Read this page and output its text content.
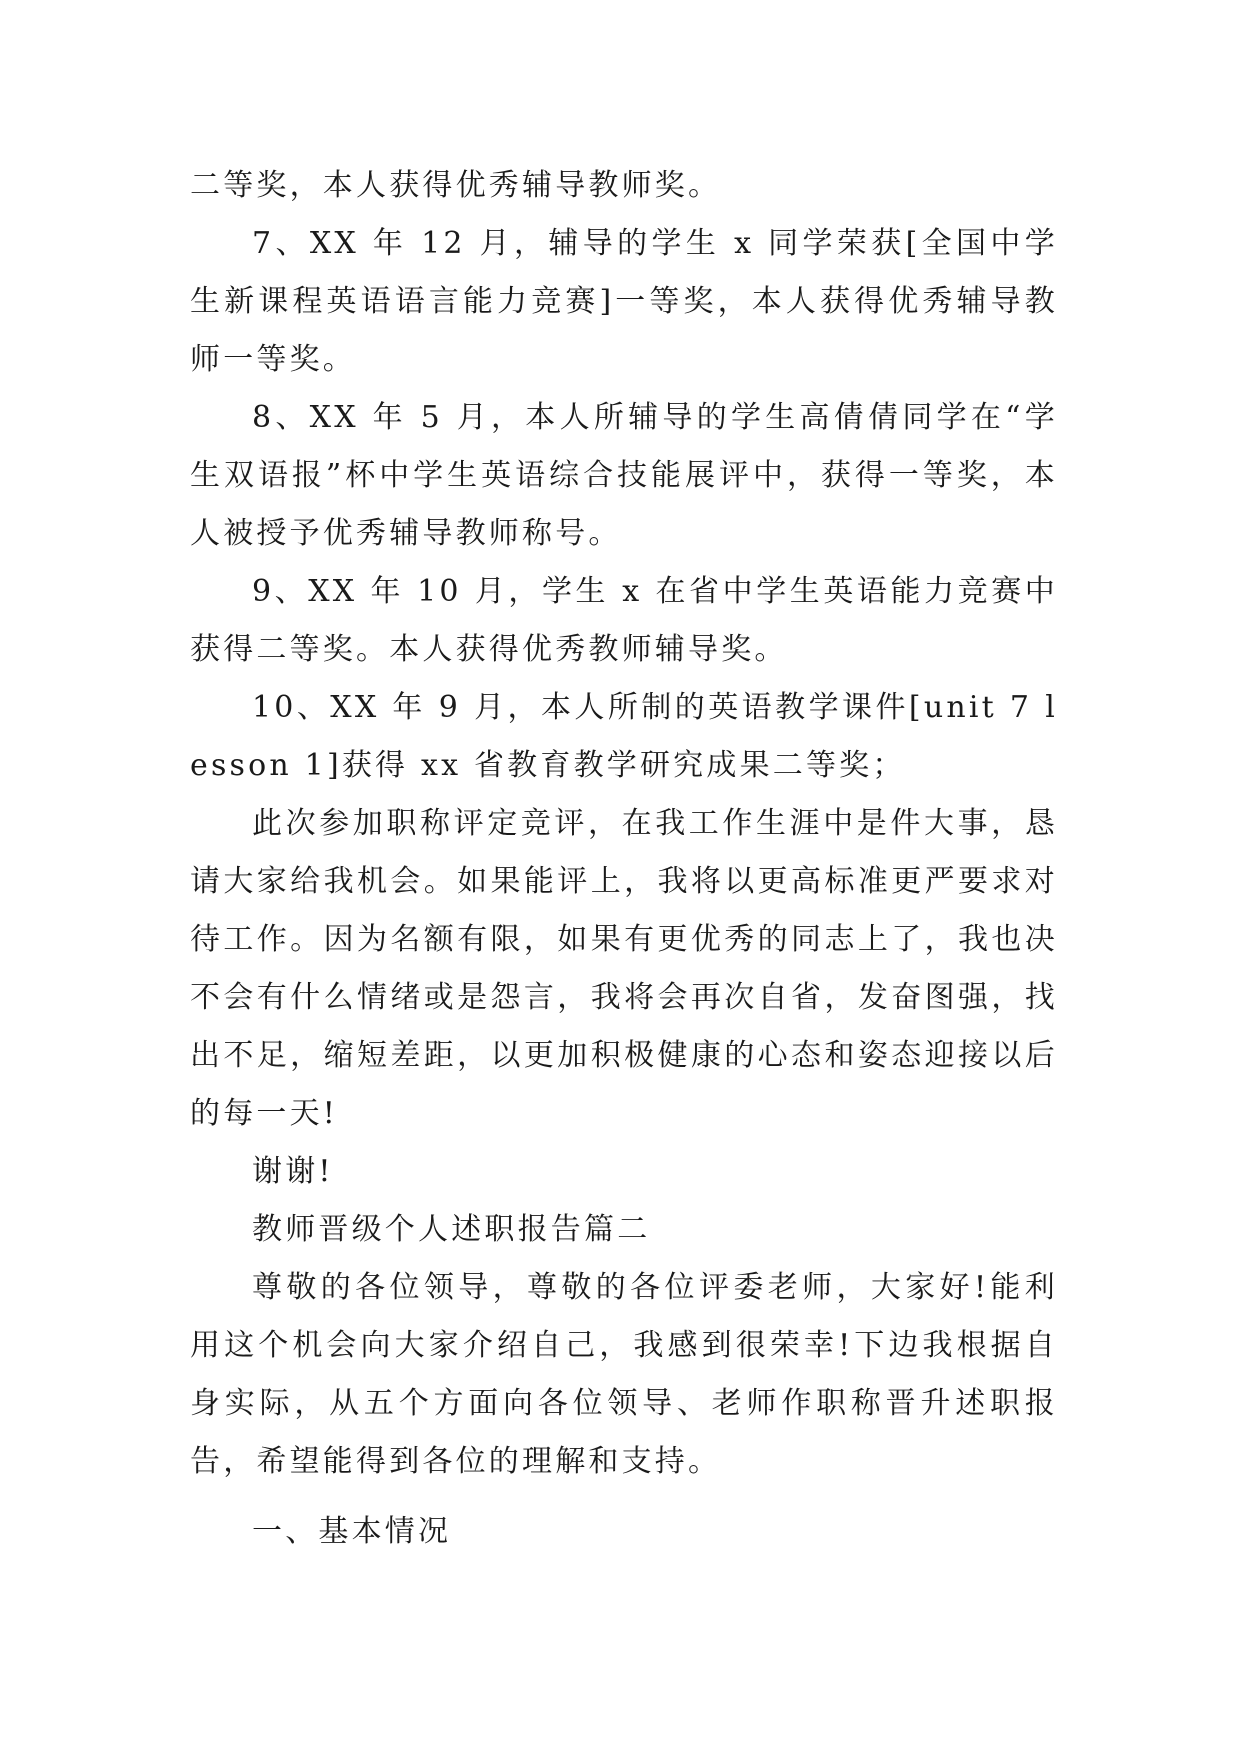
二等奖，本人获得优秀辅导教师奖。

7、XX 年 12 月，辅导的学生 x 同学荣获[全国中学生新课程英语语言能力竞赛]一等奖，本人获得优秀辅导教师一等奖。

8、XX 年 5 月，本人所辅导的学生高倩倩同学在“学生双语报”杯中学生英语综合技能展评中，获得一等奖，本人被授予优秀辅导教师称号。

9、XX 年 10 月，学生 x 在省中学生英语能力竞赛中获得二等奖。本人获得优秀教师辅导奖。

10、XX 年 9 月，本人所制的英语教学课件[unit 7 lesson 1]获得 xx 省教育教学研究成果二等奖；

此次参加职称评定竞评，在我工作生涯中是件大事，恳请大家给我机会。如果能评上，我将以更高标准更严要求对待工作。因为名额有限，如果有更优秀的同志上了，我也决不会有什么情绪或是怨言，我将会再次自省，发奋图强，找出不足，缩短差距，以更加积极健康的心态和姿态迎接以后的每一天!

谢谢!

教师晋级个人述职报告篇二

尊敬的各位领导，尊敬的各位评委老师，大家好!能利用这个机会向大家介绍自己，我感到很荣幸!下边我根据自身实际，从五个方面向各位领导、老师作职称晋升述职报告，希望能得到各位的理解和支持。

一、基本情况
